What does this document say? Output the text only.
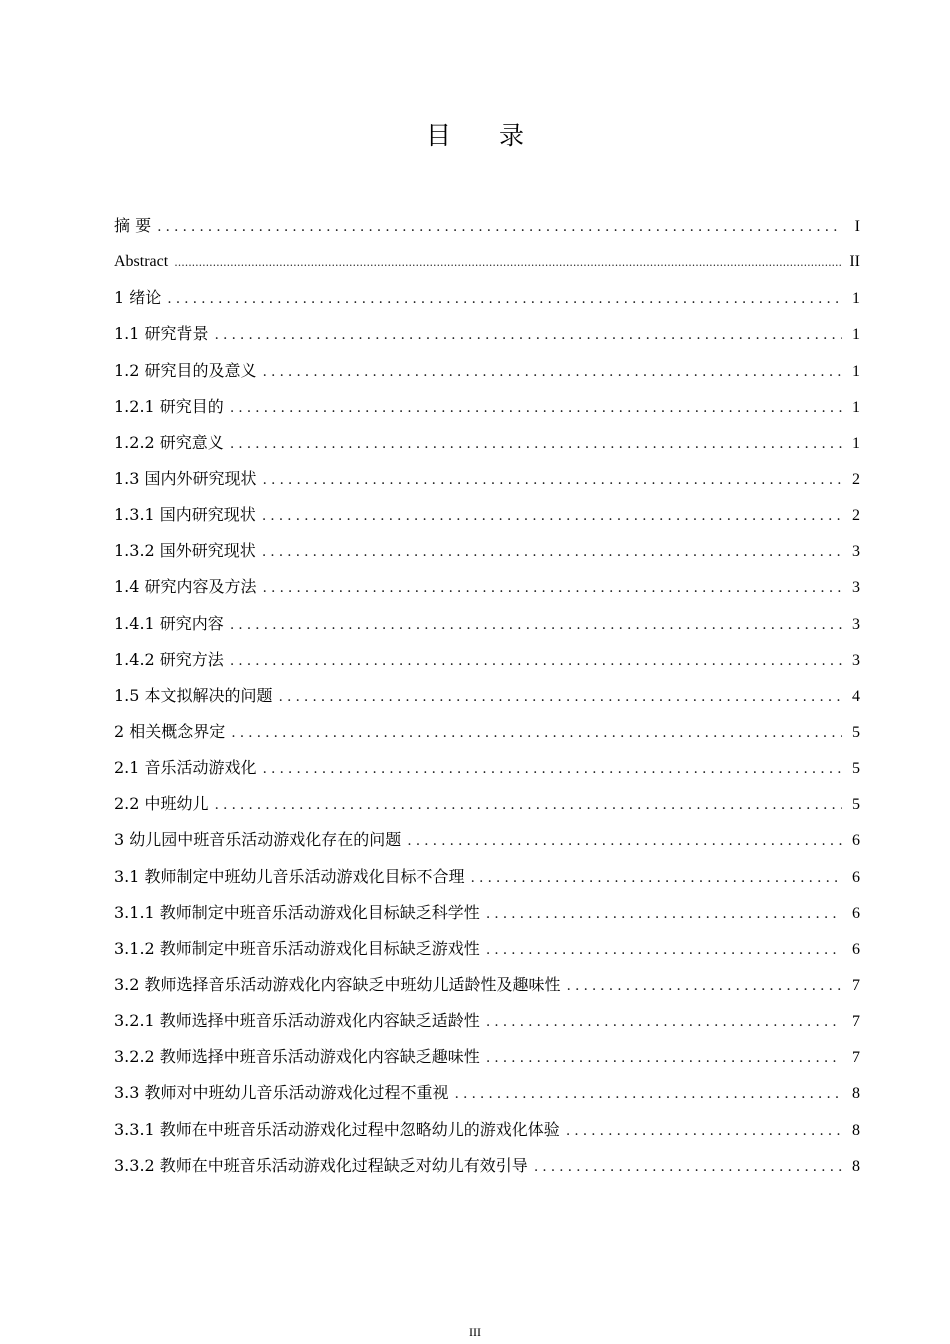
目 录
摘 要 .....	I
Abstract .....	II
1 绪论 .....	1
1.1 研究背景 .....	1
1.2 研究目的及意义 .....	1
1.2.1 研究目的 .....	1
1.2.2 研究意义 .....	1
1.3 国内外研究现状 .....	2
1.3.1 国内研究现状 .....	2
1.3.2 国外研究现状 .....	3
1.4 研究内容及方法 .....	3
1.4.1 研究内容 .....	3
1.4.2 研究方法 .....	3
1.5 本文拟解决的问题 .....	4
2 相关概念界定 .....	5
2.1 音乐活动游戏化 .....	5
2.2 中班幼儿 .....	5
3 幼儿园中班音乐活动游戏化存在的问题 .....	6
3.1 教师制定中班幼儿音乐活动游戏化目标不合理 .....	6
3.1.1 教师制定中班音乐活动游戏化目标缺乏科学性 .....	6
3.1.2 教师制定中班音乐活动游戏化目标缺乏游戏性 .....	6
3.2 教师选择音乐活动游戏化内容缺乏中班幼儿适龄性及趣味性 .....	7
3.2.1 教师选择中班音乐活动游戏化内容缺乏适龄性 .....	7
3.2.2 教师选择中班音乐活动游戏化内容缺乏趣味性 .....	7
3.3 教师对中班幼儿音乐活动游戏化过程不重视 .....	8
3.3.1 教师在中班音乐活动游戏化过程中忽略幼儿的游戏化体验 .....	8
3.3.2 教师在中班音乐活动游戏化过程缺乏对幼儿有效引导 .....	8
III
